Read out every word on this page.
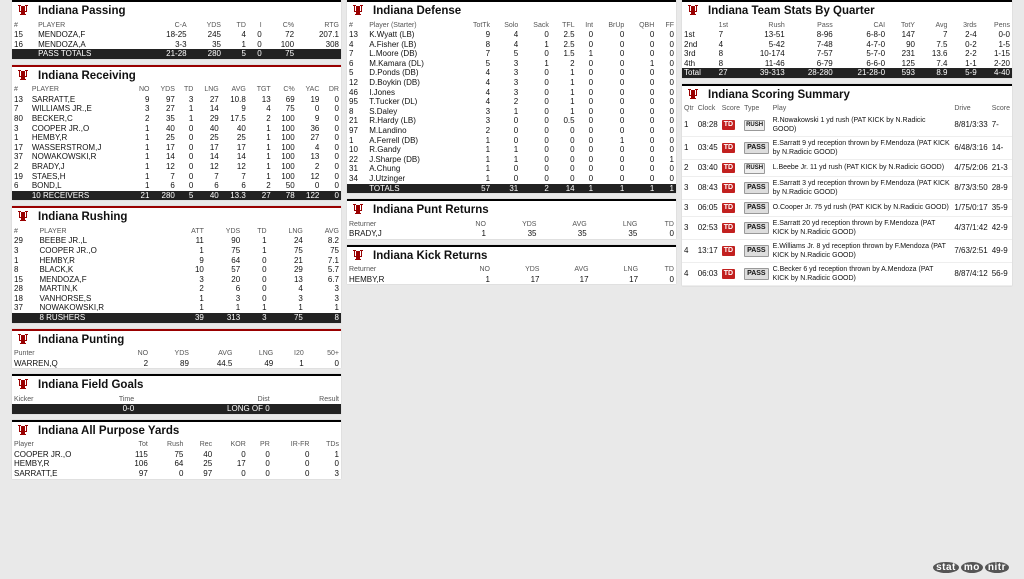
Indiana Passing
#	PLAYER	C-A	YDS	TD	I	C%	RTG
15	MENDOZA,F	18-25	245	4	0	72	207.1
16	MENDOZA,A	3-3	35	1	0	100	308
	PASS TOTALS	21-28	280	5	0	75	
Indiana Receiving
#	PLAYER	NO	YDS	TD	LNG	AVG	TGT	C%	YAC	DR
13	SARRATT,E	9	97	3	27	10.8	13	69	19	0
7	WILLIAMS JR.,E	3	27	1	14	9	4	75	0	0
80	BECKER,C	2	35	1	29	17.5	2	100	9	0
3	COOPER JR.,O	1	40	0	40	40	1	100	36	0
1	HEMBY,R	1	25	0	25	25	1	100	27	0
17	WASSERSTROM,J	1	17	0	17	17	1	100	4	0
37	NOWAKOWSKI,R	1	14	0	14	14	1	100	13	0
2	BRADY,J	1	12	0	12	12	1	100	2	0
19	STAES,H	1	7	0	7	7	1	100	12	0
6	BOND,L	1	6	0	6	6	2	50	0	0
	10 RECEIVERS	21	280	5	40	13.3	27	78	122	0
Indiana Rushing
#	PLAYER	ATT	YDS	TD	LNG	AVG
29	BEEBE JR.,L	11	90	1	24	8.2
3	COOPER JR.,O	1	75	1	75	75
1	HEMBY,R	9	64	0	21	7.1
8	BLACK,K	10	57	0	29	5.7
15	MENDOZA,F	3	20	0	13	6.7
28	MARTIN,K	2	6	0	4	3
18	VANHORSE,S	1	3	0	3	3
37	NOWAKOWSKI,R	1	1	1	1	1
	8 RUSHERS	39	313	3	75	8
Indiana Punting
Punter	NO	YDS	AVG	LNG	I20	50+
WARREN,Q	2	89	44.5	49	1	0
Indiana Field Goals
Kicker	Time	Dist	Result
	0-0	LONG OF 0	
Indiana All Purpose Yards
Player	Tot	Rush	Rec	KOR	PR	IR-FR	TDs
COOPER JR.,O	115	75	40	0	0	0	1
HEMBY,R	106	64	25	17	0	0	0
SARRATT,E	97	0	97	0	0	0	3
Indiana Defense
#	Player (Starter)	TotTk	Solo	Sack	TFL	Int	BrUp	QBH	FF
13	K.Wyatt (LB)	9	4	0	2.5	0	0	0	0
4	A.Fisher (LB)	8	4	1	2.5	0	0	0	0
7	L.Moore (DB)	7	5	0	1.5	1	0	0	0
6	M.Kamara (DL)	5	3	1	2	0	0	1	0
5	D.Ponds (DB)	4	3	0	1	0	0	0	0
12	D.Boykin (DB)	4	3	0	1	0	0	0	0
46	I.Jones	4	3	0	1	0	0	0	0
95	T.Tucker (DL)	4	2	0	1	0	0	0	0
8	S.Daley	3	1	0	1	0	0	0	0
21	R.Hardy (LB)	3	0	0	0.5	0	0	0	0
97	M.Landino	2	0	0	0	0	0	0	0
1	A.Ferrell (DB)	1	0	0	0	0	1	0	0
10	R.Gandy	1	1	0	0	0	0	0	0
22	J.Sharpe (DB)	1	1	0	0	0	0	0	1
31	A.Chung	1	0	0	0	0	0	0	0
34	J.Utzinger	1	0	0	0	0	0	0	0
	TOTALS	57	31	2	14	1	1	1	1
Indiana Punt Returns
Returner	NO	YDS	AVG	LNG	TD
BRADY,J	1	35	35	35	0
Indiana Kick Returns
Returner	NO	YDS	AVG	LNG	TD
HEMBY,R	1	17	17	17	0
Indiana Team Stats By Quarter
	1st	Rush	Pass	CAI	TotY	Avg	3rds	Pens
1st	7	13-51	8-96	6-8-0	147	7	2-4	0-0
2nd	4	5-42	7-48	4-7-0	90	7.5	0-2	1-5
3rd	8	10-174	7-57	5-7-0	231	13.6	2-2	1-15
4th	8	11-46	6-79	6-6-0	125	7.4	1-1	2-20
Total	27	39-313	28-280	21-28-0	593	8.9	5-9	4-40
Indiana Scoring Summary
Qtr	Clock	Score	Type	Play	Drive	Score
1	08:28	TD	RUSH	R.Nowakowski 1 yd rush (PAT KICK by N.Radicic GOOD)	8/81/3:33	7-
1	03:45	TD	PASS	E.Sarratt 9 yd reception thrown by F.Mendoza (PAT KICK by N.Radicic GOOD)	6/48/3:16	14-
2	03:40	TD	RUSH	L.Beebe Jr. 11 yd rush (PAT KICK by N.Radicic GOOD)	4/75/2:06	21-3
3	08:43	TD	PASS	E.Sarratt 3 yd reception thrown by F.Mendoza (PAT KICK by N.Radicic GOOD)	8/73/3:50	28-9
3	06:05	TD	PASS	O.Cooper Jr. 75 yd rush (PAT KICK by N.Radicic GOOD)	1/75/0:17	35-9
3	02:53	TD	PASS	E.Sarratt 20 yd reception thrown by F.Mendoza (PAT KICK by N.Radicic GOOD)	4/37/1:42	42-9
4	13:17	TD	PASS	E.Williams Jr. 8 yd reception thrown by F.Mendoza (PAT KICK by N.Radicic GOOD)	7/63/2:51	49-9
4	06:03	TD	PASS	C.Becker 6 yd reception thrown by A.Mendoza (PAT KICK by N.Radicic GOOD)	8/87/4:12	56-9
stat mo nitr
